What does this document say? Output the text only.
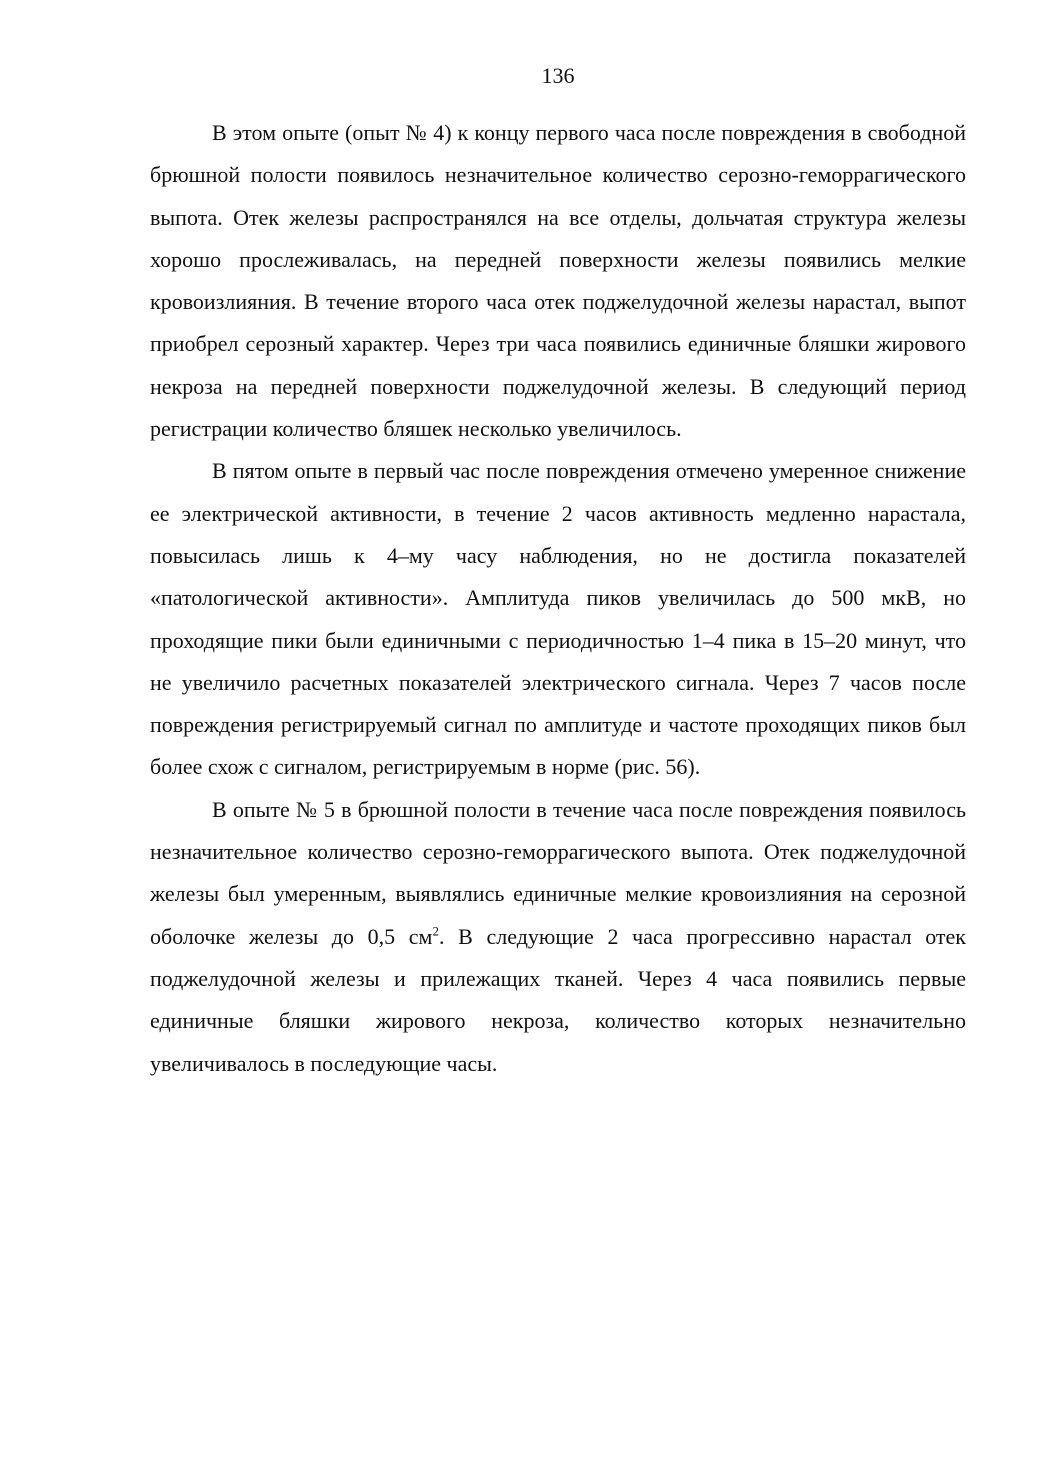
136

В этом опыте (опыт № 4) к концу первого часа после повреждения в свободной брюшной полости появилось незначительное количество серозно-геморрагического выпота. Отек железы распространялся на все отделы, дольчатая структура железы хорошо прослеживалась, на передней поверхности железы появились мелкие кровоизлияния. В течение второго часа отек поджелудочной железы нарастал, выпот приобрел серозный характер. Через три часа появились единичные бляшки жирового некроза на передней поверхности поджелудочной железы. В следующий период регистрации количество бляшек несколько увеличилось.

В пятом опыте в первый час после повреждения отмечено умеренное снижение ее электрической активности, в течение 2 часов активность медленно нарастала, повысилась лишь к 4–му часу наблюдения, но не достигла показателей «патологической активности». Амплитуда пиков увеличилась до 500 мкВ, но проходящие пики были единичными с периодичностью 1–4 пика в 15–20 минут, что не увеличило расчетных показателей электрического сигнала. Через 7 часов после повреждения регистрируемый сигнал по амплитуде и частоте проходящих пиков был более схож с сигналом, регистрируемым в норме (рис. 56).

В опыте № 5 в брюшной полости в течение часа после повреждения появилось незначительное количество серозно-геморрагического выпота. Отек поджелудочной железы был умеренным, выявлялись единичные мелкие кровоизлияния на серозной оболочке железы до 0,5 $см^2$. В следующие 2 часа прогрессивно нарастал отек поджелудочной железы и прилежащих тканей. Через 4 часа появились первые единичные бляшки жирового некроза, количество которых незначительно увеличивалось в последующие часы.
